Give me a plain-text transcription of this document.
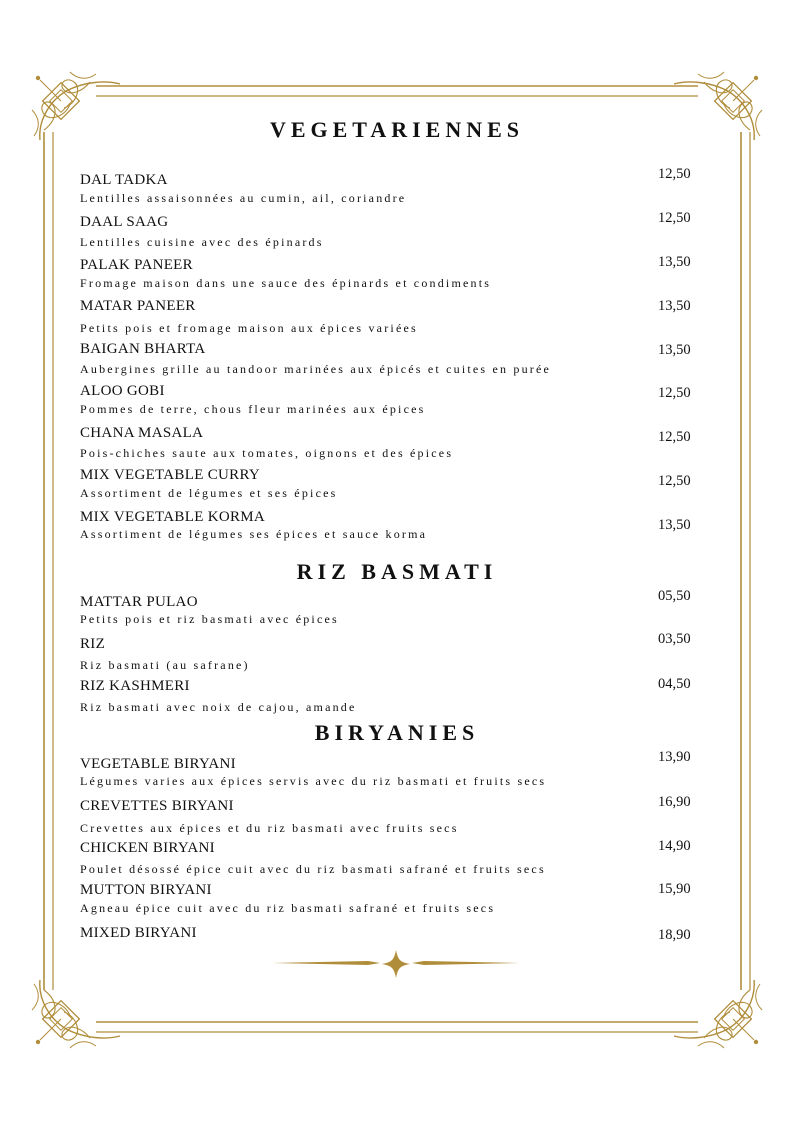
VEGETARIENNES
DAL TADKA
Lentilles assaisonnées au cumin, ail, coriandre
12,50
DAAL SAAG
Lentilles cuisine avec des épinards
12,50
PALAK PANEER
Fromage maison dans une sauce des épinards et condiments
13,50
MATAR PANEER
Petits pois et fromage maison aux épices variées
13,50
BAIGAN BHARTA
Aubergines grille au tandoor marinées aux épicés et cuites en purée
13,50
ALOO GOBI
Pommes de terre, chous fleur marinées aux épices
12,50
CHANA MASALA
Pois-chiches saute aux tomates, oignons et des épices
12,50
MIX VEGETABLE CURRY
Assortiment de légumes et ses épices
12,50
MIX VEGETABLE KORMA
Assortiment de légumes ses épices et sauce korma
13,50
RIZ BASMATI
MATTAR PULAO
Petits pois et riz basmati avec épices
05,50
RIZ
Riz basmati (au safrane)
03,50
RIZ KASHMERI
Riz basmati avec noix de cajou, amande
04,50
BIRYANIES
VEGETABLE BIRYANI
Légumes varies aux épices servis avec du riz basmati et fruits secs
13,90
CREVETTES BIRYANI
Crevettes aux épices et du riz basmati avec fruits secs
16,90
CHICKEN BIRYANI
Poulet désossé épice cuit avec du riz basmati safrané et fruits secs
14,90
MUTTON BIRYANI
Agneau épice cuit avec du riz basmati safrané et fruits secs
15,90
MIXED BIRYANI	18,90
